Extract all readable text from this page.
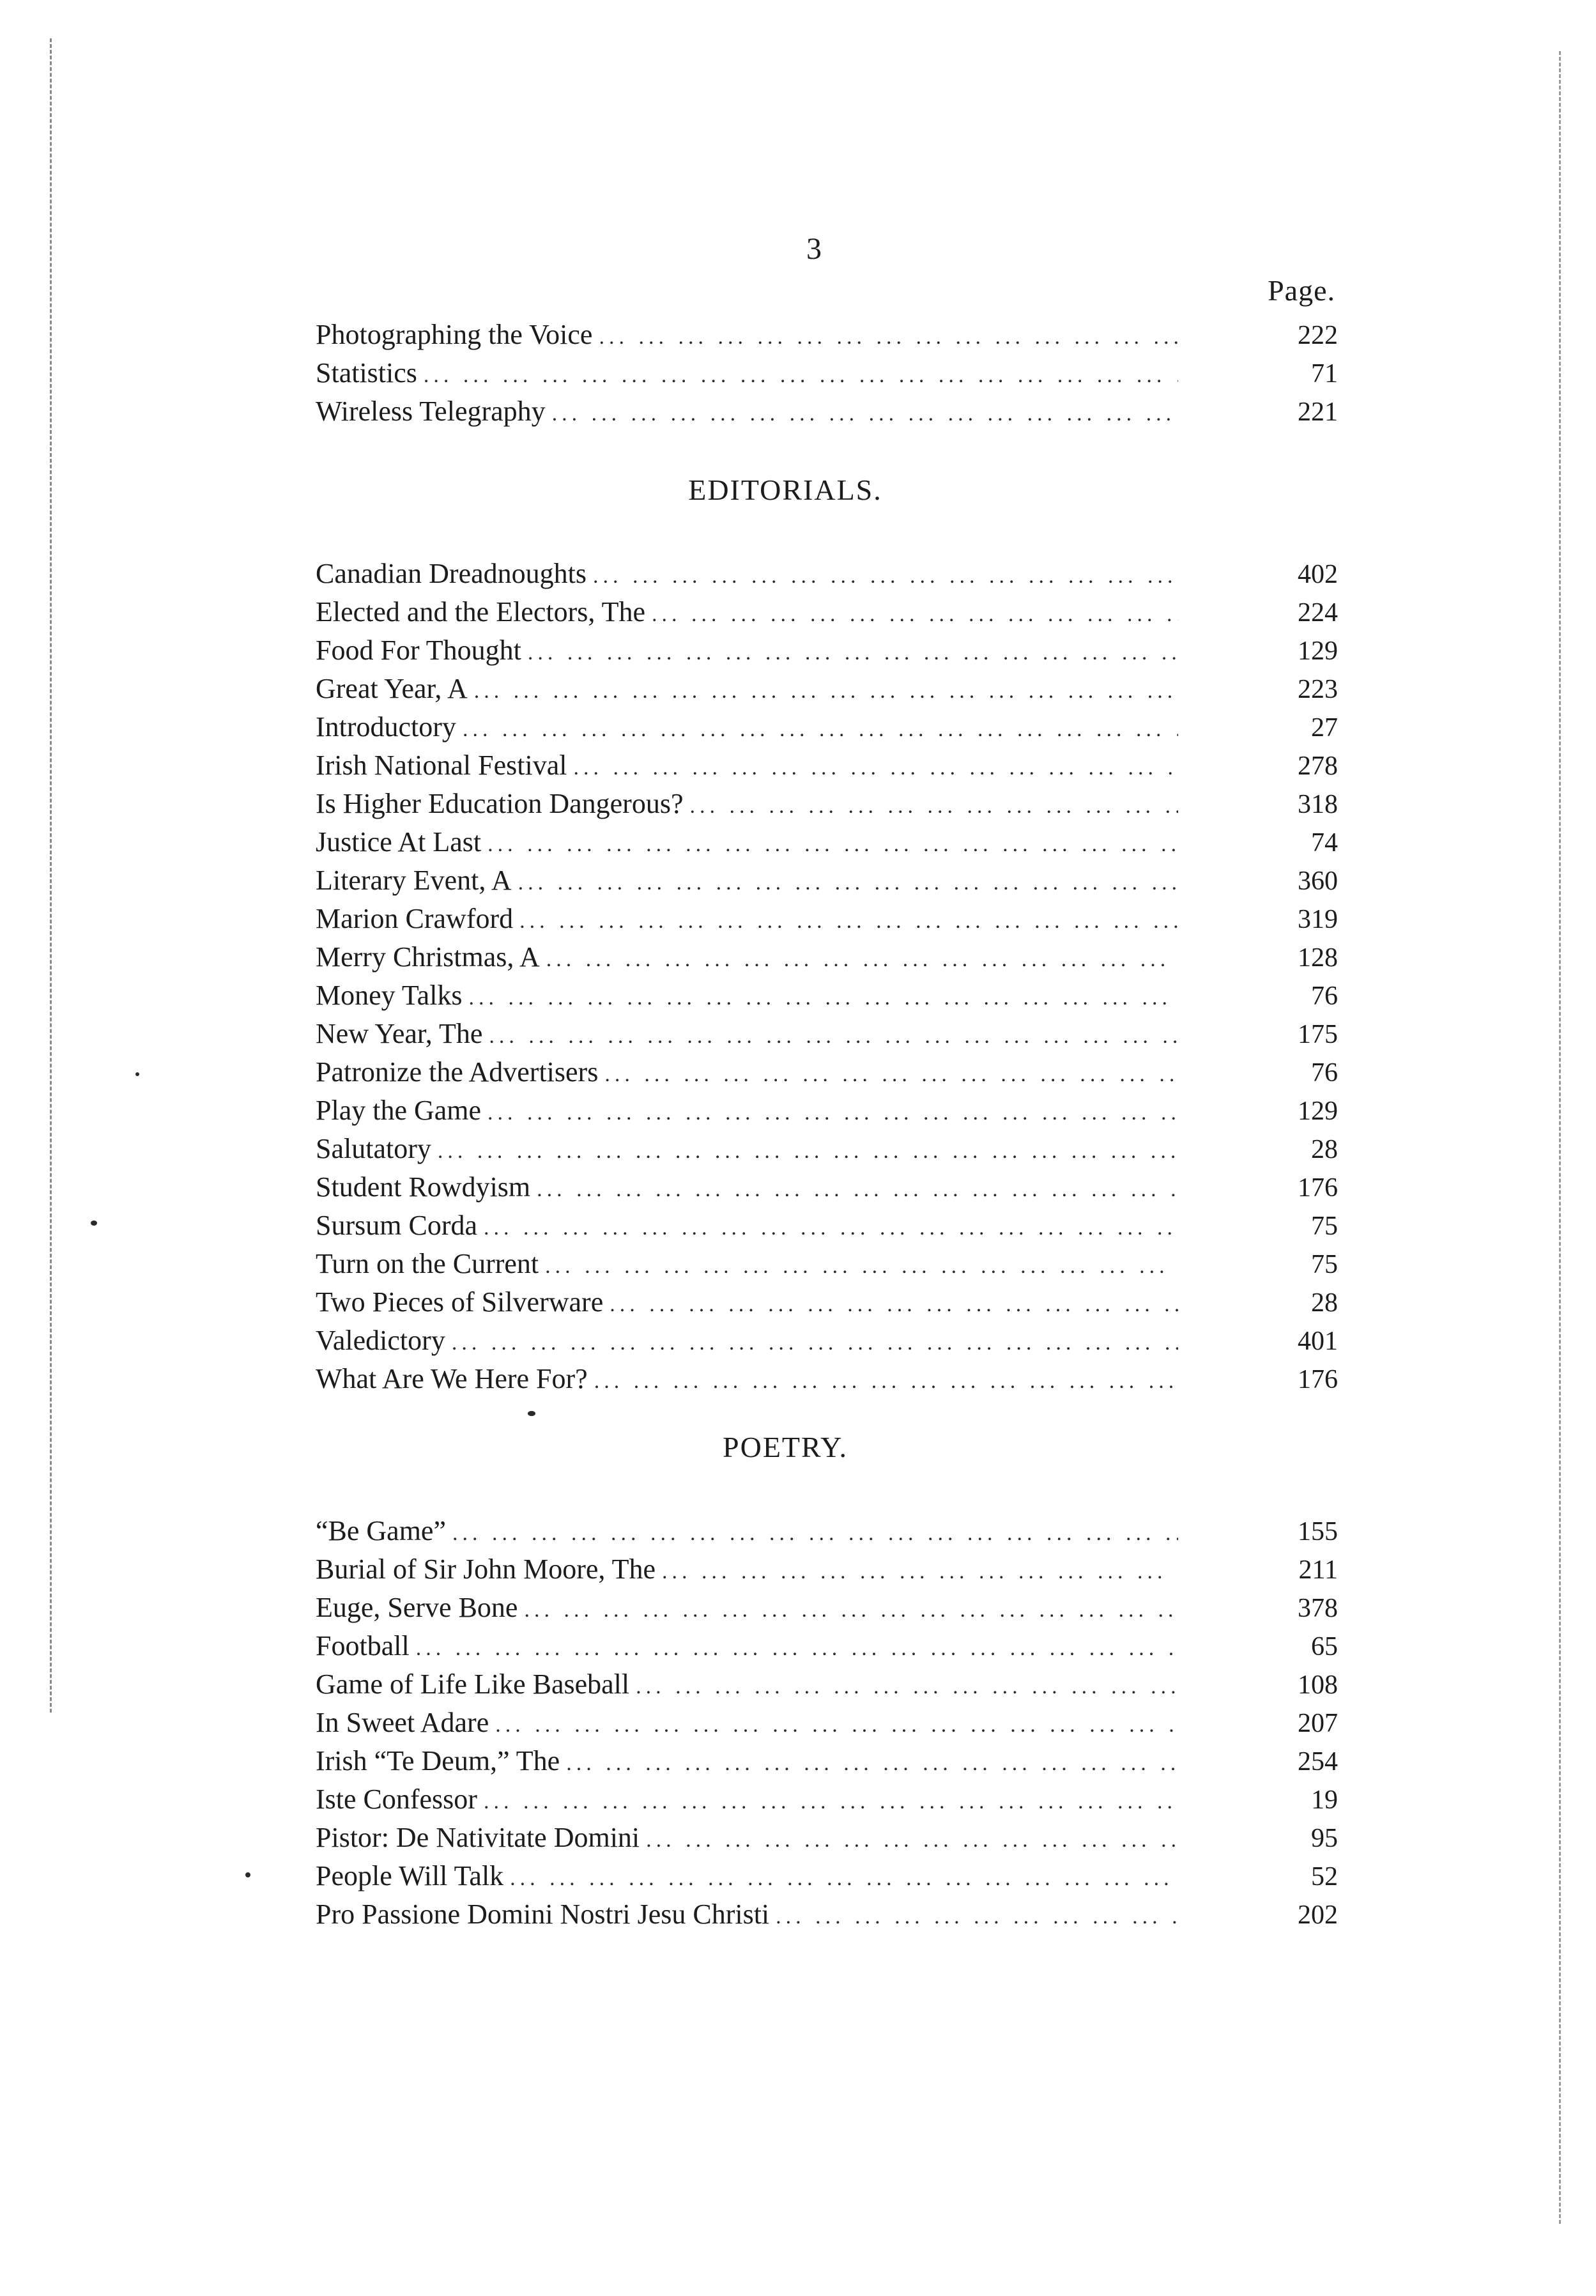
3
Page.
Photographing the Voice ... .	222
Statistics ... .	71
Wireless Telegraphy ... .	221
EDITORIALS.
Canadian Dreadnoughts ... .	402
Elected and the Electors, The ... .	224
Food For Thought ... .	129
Great Year, A ... .	223
Introductory ... .	27
Irish National Festival ... .	278
Is Higher Education Dangerous? ... .	318
Justice At Last ... .	74
Literary Event, A ... .	360
Marion Crawford ... .	319
Merry Christmas, A ... .	128
Money Talks ... .	76
New Year, The ... .	175
Patronize the Advertisers ... .	76
Play the Game ... .	129
Salutatory ... .	28
Student Rowdyism ... .	176
Sursum Corda ... .	75
Turn on the Current ... .	75
Two Pieces of Silverware ... .	28
Valedictory ... .	401
What Are We Here For? ... .	176
POETRY.
“Be Game” ... .	155
Burial of Sir John Moore, The ... .	211
Euge, Serve Bone ... .	378
Football ... .	65
Game of Life Like Baseball ... .	108
In Sweet Adare ... .	207
Irish “Te Deum,” The ... .	254
Iste Confessor ... .	19
Pistor: De Nativitate Domini ... .	95
People Will Talk ... .	52
Pro Passione Domini Nostri Jesu Christi ... .	202
